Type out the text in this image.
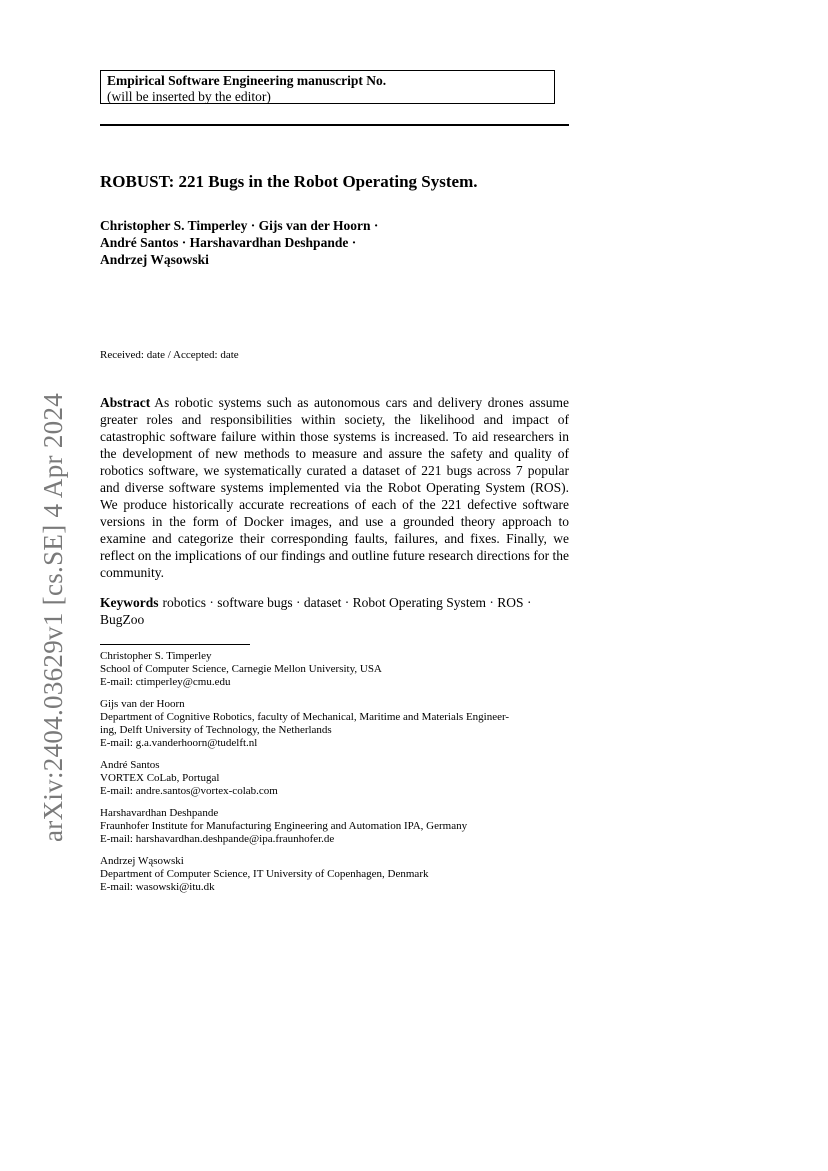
arXiv:2404.03629v1 [cs.SE] 4 Apr 2024
Empirical Software Engineering manuscript No.
(will be inserted by the editor)
ROBUST: 221 Bugs in the Robot Operating System.
Christopher S. Timperley · Gijs van der Hoorn · André Santos · Harshavardhan Deshpande · Andrzej Wąsowski
Received: date / Accepted: date
Abstract As robotic systems such as autonomous cars and delivery drones assume greater roles and responsibilities within society, the likelihood and impact of catastrophic software failure within those systems is increased. To aid researchers in the development of new methods to measure and assure the safety and quality of robotics software, we systematically curated a dataset of 221 bugs across 7 popular and diverse software systems implemented via the Robot Operating System (ROS). We produce historically accurate recreations of each of the 221 defective software versions in the form of Docker images, and use a grounded theory approach to examine and categorize their corresponding faults, failures, and fixes. Finally, we reflect on the implications of our findings and outline future research directions for the community.
Keywords robotics · software bugs · dataset · Robot Operating System · ROS · BugZoo
Christopher S. Timperley
School of Computer Science, Carnegie Mellon University, USA
E-mail: ctimperley@cmu.edu
Gijs van der Hoorn
Department of Cognitive Robotics, faculty of Mechanical, Maritime and Materials Engineer-
ing, Delft University of Technology, the Netherlands
E-mail: g.a.vanderhoorn@tudelft.nl
André Santos
VORTEX CoLab, Portugal
E-mail: andre.santos@vortex-colab.com
Harshavardhan Deshpande
Fraunhofer Institute for Manufacturing Engineering and Automation IPA, Germany
E-mail: harshavardhan.deshpande@ipa.fraunhofer.de
Andrzej Wąsowski
Department of Computer Science, IT University of Copenhagen, Denmark
E-mail: wasowski@itu.dk
